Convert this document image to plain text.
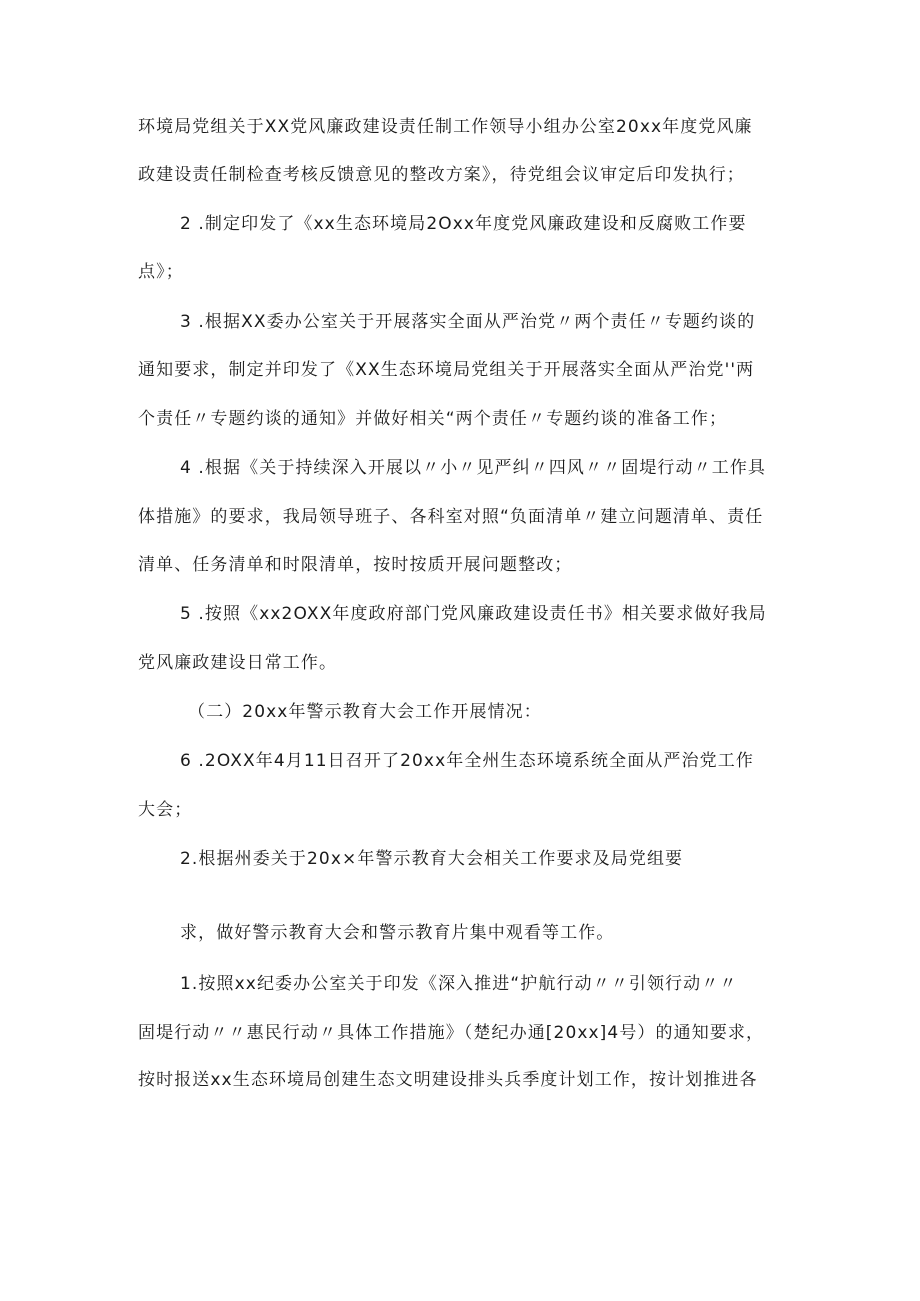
环境局党组关于XX党风廉政建设责任制工作领导小组办公室20xx年度党风廉
政建设责任制检查考核反馈意见的整改方案》，待党组会议审定后印发执行；
2 .制定印发了《xx生态环境局2Oxx年度党风廉政建设和反腐败工作要
点》；
3 .根据XX委办公室关于开展落实全面从严治党〃两个责任〃专题约谈的
通知要求，制定并印发了《XX生态环境局党组关于开展落实全面从严治党''两
个责任〃专题约谈的通知》并做好相关“两个责任〃专题约谈的准备工作；
4 .根据《关于持续深入开展以〃小〃见严纠〃四风〃〃固堤行动〃工作具
体措施》的要求，我局领导班子、各科室对照“负面清单〃建立问题清单、责任
清单、任务清单和时限清单，按时按质开展问题整改；
5 .按照《xx2OXX年度政府部门党风廉政建设责任书》相关要求做好我局
党风廉政建设日常工作。
（二）20xx年警示教育大会工作开展情况：
6 .2OXX年4月11日召开了20xx年全州生态环境系统全面从严治党工作
大会；
2.根据州委关于20x×年警示教育大会相关工作要求及局党组要
求，做好警示教育大会和警示教育片集中观看等工作。
1.按照xx纪委办公室关于印发《深入推进“护航行动〃〃引领行动〃〃
固堤行动〃〃惠民行动〃具体工作措施》（楚纪办通[20xx]4号）的通知要求，
按时报送xx生态环境局创建生态文明建设排头兵季度计划工作，按计划推进各
